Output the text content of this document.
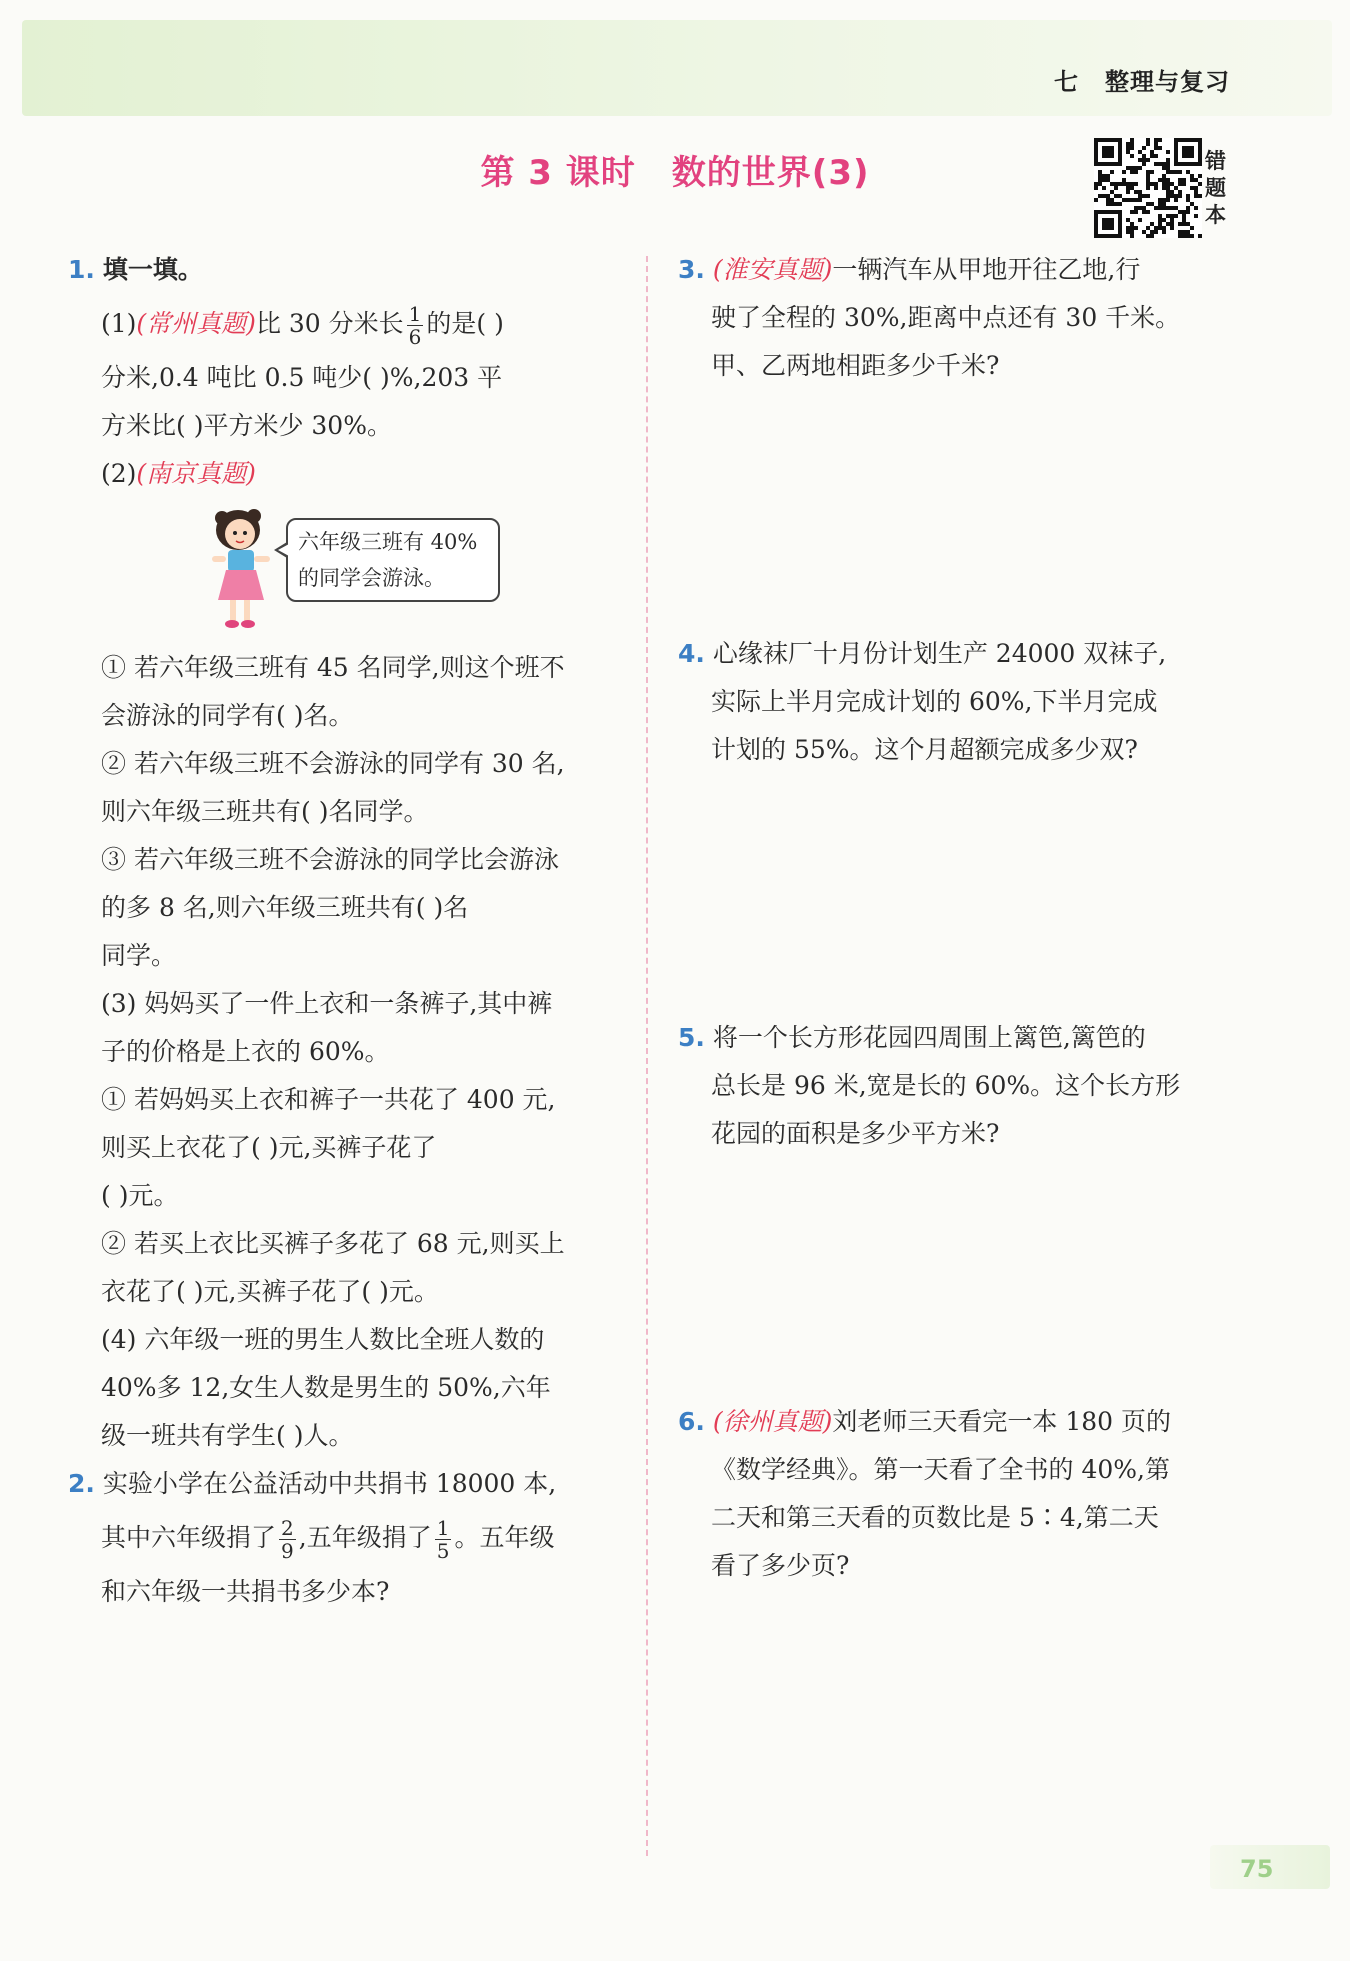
七 整理与复习
第 3 课时 数的世界(3)	错题本
1. 填一填。
(1)(常州真题)比 30 分米长 $\frac{1}{6}$ 的是( )
分米,0.4 吨比 0.5 吨少( )%,203 平
方米比( )平方米少 30%。
(2)(南京真题)
六年级三班有 40%
的同学会游泳。
① 若六年级三班有 45 名同学,则这个班不
会游泳的同学有( )名。
② 若六年级三班不会游泳的同学有 30 名,
则六年级三班共有( )名同学。
③ 若六年级三班不会游泳的同学比会游泳
的多 8 名,则六年级三班共有( )名
同学。
(3) 妈妈买了一件上衣和一条裤子,其中裤
子的价格是上衣的 60%。
① 若妈妈买上衣和裤子一共花了 400 元,
则买上衣花了( )元,买裤子花了
( )元。
② 若买上衣比买裤子多花了 68 元,则买上
衣花了( )元,买裤子花了( )元。
(4) 六年级一班的男生人数比全班人数的
40%多 12,女生人数是男生的 50%,六年
级一班共有学生( )人。
2. 实验小学在公益活动中共捐书 18000 本,
其中六年级捐了 $\frac{2}{9}$ ,五年级捐了 $\frac{1}{5}$ 。五年级
和六年级一共捐书多少本?
3. (淮安真题)一辆汽车从甲地开往乙地,行
驶了全程的 30%,距离中点还有 30 千米。
甲、乙两地相距多少千米?
4. 心缘袜厂十月份计划生产 24000 双袜子,
实际上半月完成计划的 60%,下半月完成
计划的 55%。这个月超额完成多少双?
5. 将一个长方形花园四周围上篱笆,篱笆的
总长是 96 米,宽是长的 60%。这个长方形
花园的面积是多少平方米?
6. (徐州真题)刘老师三天看完一本 180 页的
《数学经典》。第一天看了全书的 40%,第
二天和第三天看的页数比是 5∶4,第二天
看了多少页?
75
